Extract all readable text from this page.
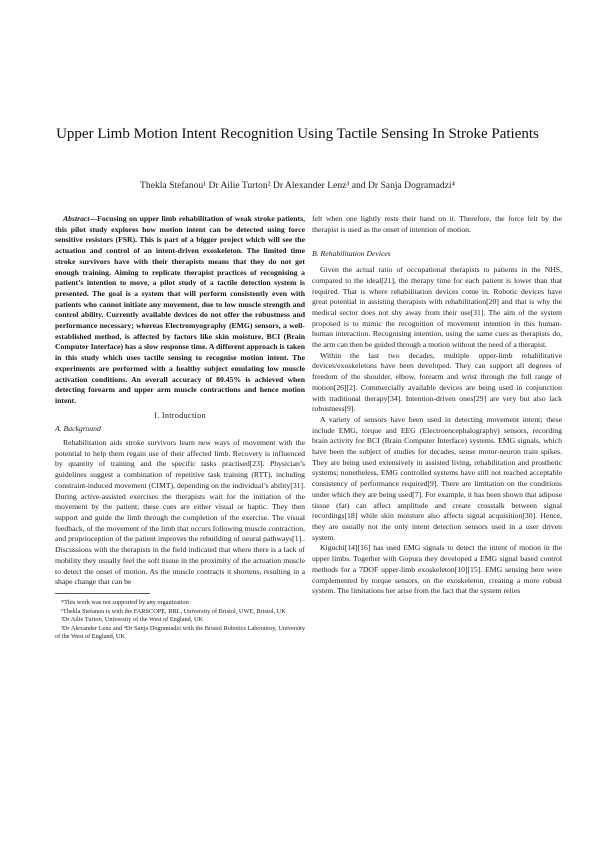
Upper Limb Motion Intent Recognition Using Tactile Sensing In Stroke Patients
Thekla Stefanou¹ Dr Ailie Turton² Dr Alexander Lenz³ and Dr Sanja Dogramadzi⁴

Abstract—Focusing on upper limb rehabilitation of weak stroke patients, this pilot study explores how motion intent can be detected using force sensitive resistors (FSR). This is part of a bigger project which will see the actuation and control of an intent-driven exoskeleton. The limited time stroke survivors have with their therapists means that they do not get enough training. Aiming to replicate therapist practices of recognising a patient’s intention to move, a pilot study of a tactile detection system is presented. The goal is a system that will perform consistently even with patients who cannot initiate any movement, due to low muscle strength and control ability. Currently available devices do not offer the robustness and performance necessary; whereas Electromyography (EMG) sensors, a well-established method, is affected by factors like skin moisture, BCI (Brain Computer Interface) has a slow response time. A different approach is taken in this study which uses tactile sensing to recognise motion intent. The experiments are performed with a healthy subject emulating low muscle activation conditions. An overall accuracy of 80.45% is achieved when detecting forearm and upper arm muscle contractions and hence motion intent.

I. Introduction
A. Background

Rehabilitation aids stroke survivors learn new ways of movement with the potential to help them regain use of their affected limb. Recovery is influenced by quantity of training and the specific tasks practised[23]. Physician’s guidelines suggest a combination of repetitive task training (RTT), including constraint-induced movement (CIMT), depending on the individual’s ability[31]. During active-assisted exercises the therapists wait for the initiation of the movement by the patient; these cues are either visual or haptic. They then support and guide the limb through the completion of the exercise. The visual feedback, of the movement of the limb that occurs following muscle contraction, and proprioception of the patient improves the rebuilding of neural pathways[1].. Discussions with the therapists in the field indicated that where there is a lack of mobility they usually feel the soft tissue in the proximity of the actuation muscle to detect the onset of motion. As the muscle contracts it shortens, resulting in a shape change that can be

*This work was not supported by any organization

¹Thekla Stefanou is with the FARSCOPE, BRL, University of Bristol, UWE, Bristol, UK

²Dr Ailie Turton, University of the West of England, UK

³Dr Alexander Lenz and ⁴Dr Sanja Dogramadzi with the Bristol Robotics Laboratory, University of the West of England, UK

felt when one lightly rests their hand on it. Therefore, the force felt by the therapist is used as the onset of intention of motion.

B. Rehabilitation Devices

Given the actual ratio of occupational therapists to patients in the NHS, compared to the ideal[21], the therapy time for each patient is lower than that required. That is where rehabilitation devices come in. Robotic devices have great potential in assisting therapists with rehabilitation[20] and that is why the medical sector does not shy away from their use[31]. The aim of the system proposed is to mimic the recognition of movement intention in this human-human interaction. Recognising intention, using the same cues as therapists do, the arm can then be guided through a motion without the need of a therapist.

Within the last two decades, multiple upper-limb rehabilitative devices/exoskeletons have been developed. They can support all degrees of freedom of the shoulder, elbow, forearm and wrist through the full range of motion[26][2]. Commercially available devices are being used in conjunction with traditional therapy[34]. Intention-driven ones[29] are very but also lack robustness[9].

A variety of sensors have been used in detecting movement intent; these include EMG, torque and EEG (Electroencephalography) sensors, recording brain activity for BCI (Brain Computer Interface) systems. EMG signals, which have been the subject of studies for decades, sense motor-neuron train spikes. They are being used extensively in assisted living, rehabilitation and prosthetic systems; nonetheless, EMG controlled systems have still not reached acceptable consistency of performance required[9]. There are limitation on the conditions under which they are being used[7]. For example, it has been shown that adipose tissue (fat) can affect amplitude and create crosstalk between signal recordings[18] while skin moisture also affects signal acquisition[30]. Hence, they are usually not the only intent detection sensors used in a user driven system.

Kiguchi[14][16] has used EMG signals to detect the intent of motion in the upper limbs. Together with Gopura they developed a EMG signal based control methods for a 7DOF upper-limb exoskeleton[10][15]. EMG sensing here were complemented by torque sensors, on the exoskeleton, creating a more robust system. The limitations her arise from the fact that the system relies
